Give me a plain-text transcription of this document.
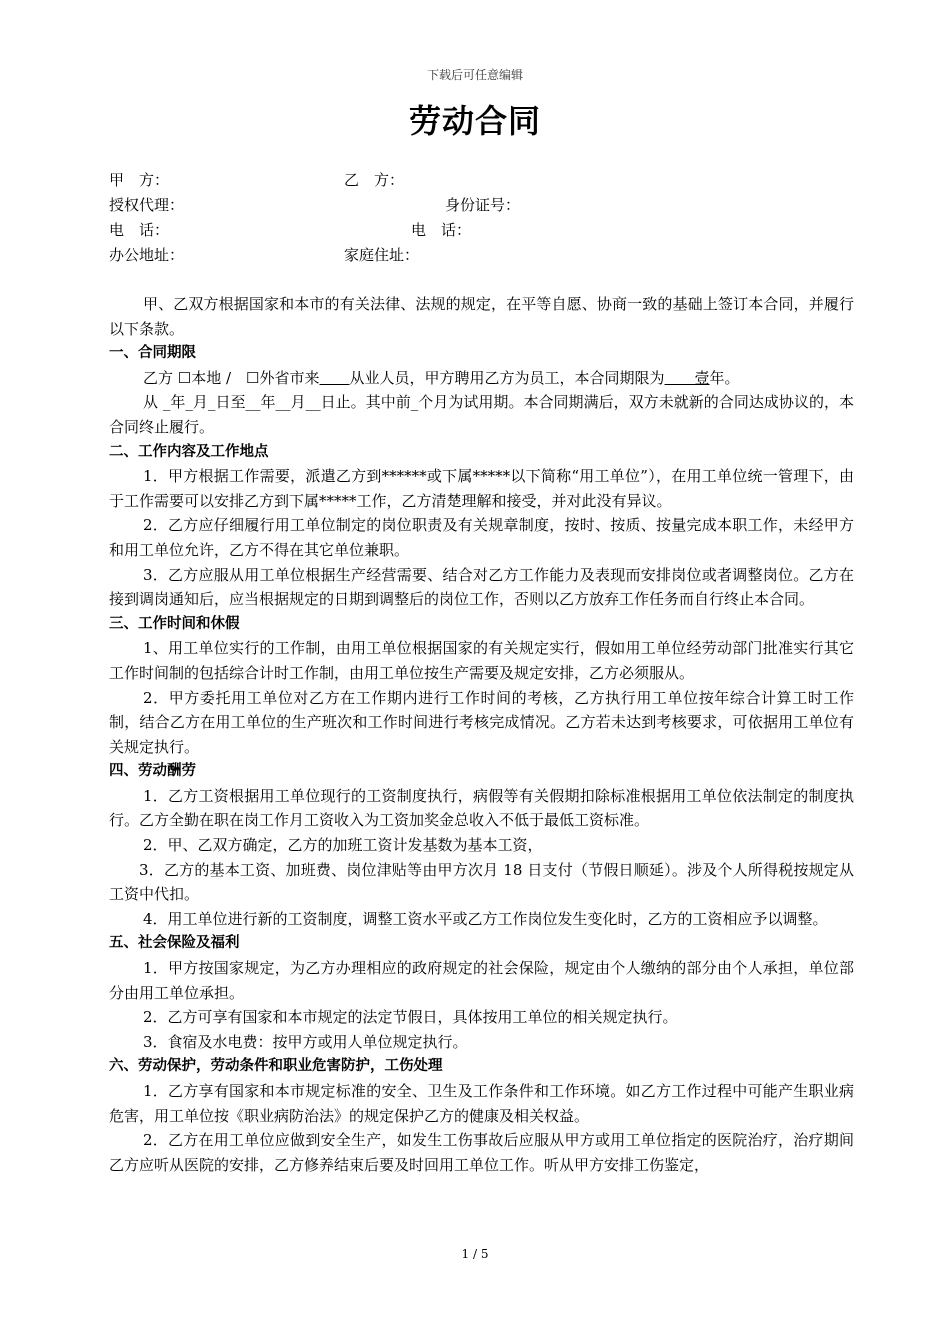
下载后可任意编辑
劳动合同
甲　方：	乙　方：
授权代理：	身份证号：
电　话：	电　话：
办公地址：	家庭住址：

甲、乙双方根据国家和本市的有关法律、法规的规定，在平等自愿、协商一致的基础上签订本合同，并履行以下条款。

一、合同期限

乙方 ☐本地 /　☐外省市来　　 从业人员，甲方聘用乙方为员工，本合同期限为　　壹年。

从 _年_月_日至__年__月__日止。其中前_个月为试用期。本合同期满后，双方未就新的合同达成协议的，本合同终止履行。

二、工作内容及工作地点

1．甲方根据工作需要，派遣乙方到******或下属*****以下简称“用工单位”），在用工单位统一管理下，由于工作需要可以安排乙方到下属*****工作，乙方清楚理解和接受，并对此没有异议。

2．乙方应仔细履行用工单位制定的岗位职责及有关规章制度，按时、按质、按量完成本职工作，未经甲方和用工单位允许，乙方不得在其它单位兼职。

3．乙方应服从用工单位根据生产经营需要、结合对乙方工作能力及表现而安排岗位或者调整岗位。乙方在接到调岗通知后，应当根据规定的日期到调整后的岗位工作，否则以乙方放弃工作任务而自行终止本合同。

三、工作时间和休假

1、用工单位实行的工作制，由用工单位根据国家的有关规定实行，假如用工单位经劳动部门批准实行其它工作时间制的包括综合计时工作制，由用工单位按生产需要及规定安排，乙方必须服从。

2．甲方委托用工单位对乙方在工作期内进行工作时间的考核，乙方执行用工单位按年综合计算工时工作制，结合乙方在用工单位的生产班次和工作时间进行考核完成情况。乙方若未达到考核要求，可依据用工单位有关规定执行。

四、劳动酬劳

1．乙方工资根据用工单位现行的工资制度执行，病假等有关假期扣除标准根据用工单位依法制定的制度执行。乙方全勤在职在岗工作月工资收入为工资加奖金总收入不低于最低工资标准。

2．甲、乙双方确定，乙方的加班工资计发基数为基本工资，

3．乙方的基本工资、加班费、岗位津贴等由甲方次月 18 日支付（节假日顺延）。涉及个人所得税按规定从工资中代扣。

4．用工单位进行新的工资制度，调整工资水平或乙方工作岗位发生变化时，乙方的工资相应予以调整。

五、社会保险及福利

1．甲方按国家规定，为乙方办理相应的政府规定的社会保险，规定由个人缴纳的部分由个人承担，单位部分由用工单位承担。

2．乙方可享有国家和本市规定的法定节假日，具体按用工单位的相关规定执行。

3．食宿及水电费：按甲方或用人单位规定执行。

六、劳动保护，劳动条件和职业危害防护，工伤处理

1．乙方享有国家和本市规定标准的安全、卫生及工作条件和工作环境。如乙方工作过程中可能产生职业病危害，用工单位按《职业病防治法》的规定保护乙方的健康及相关权益。

2．乙方在用工单位应做到安全生产，如发生工伤事故后应服从甲方或用工单位指定的医院治疗，治疗期间乙方应听从医院的安排，乙方修养结束后要及时回用工单位工作。听从甲方安排工伤鉴定，

1 / 5
